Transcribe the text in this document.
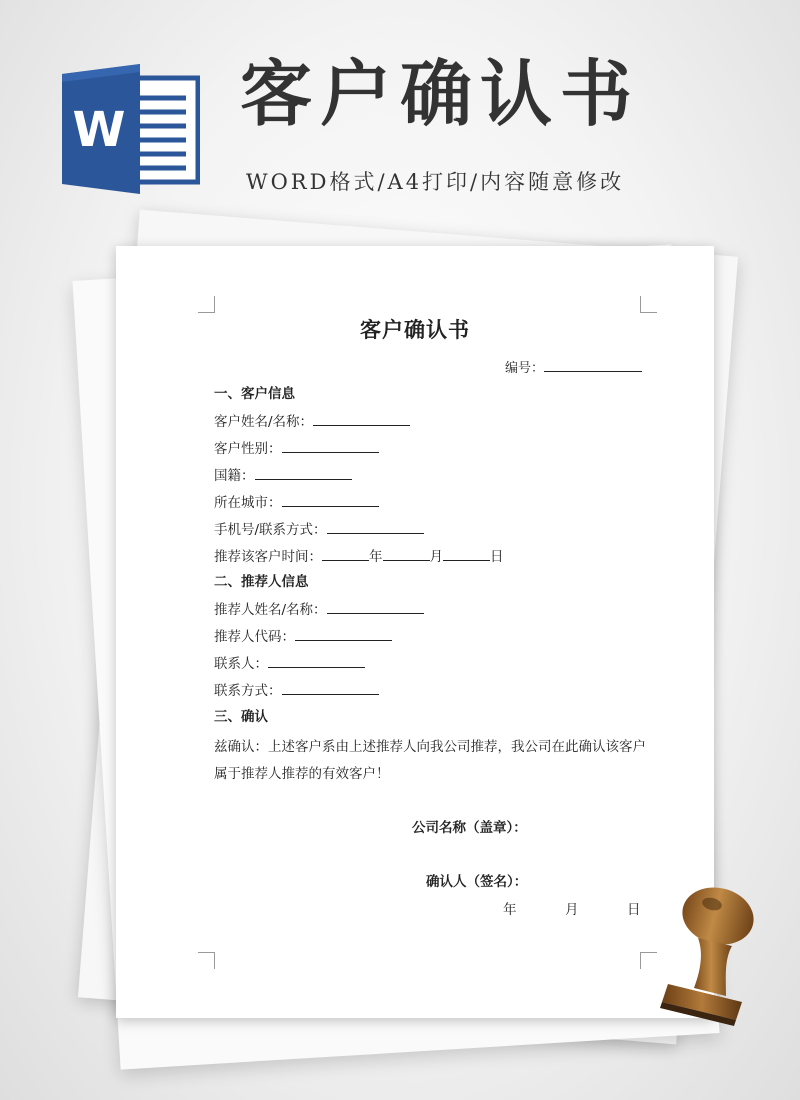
W 客户确认书
WORD格式/A4打印/内容随意修改
客户确认书
编号：
一、客户信息
客户姓名/名称：
客户性别：
国籍：
所在城市：
手机号/联系方式：
推荐该客户时间：	年	月	日
二、推荐人信息
推荐人姓名/名称：
推荐人代码：
联系人：
联系方式：
三、确认
兹确认：上述客户系由上述推荐人向我公司推荐，我公司在此确认该客户属于推荐人推荐的有效客户！
公司名称（盖章）：
确认人（签名）：
年	月	日
